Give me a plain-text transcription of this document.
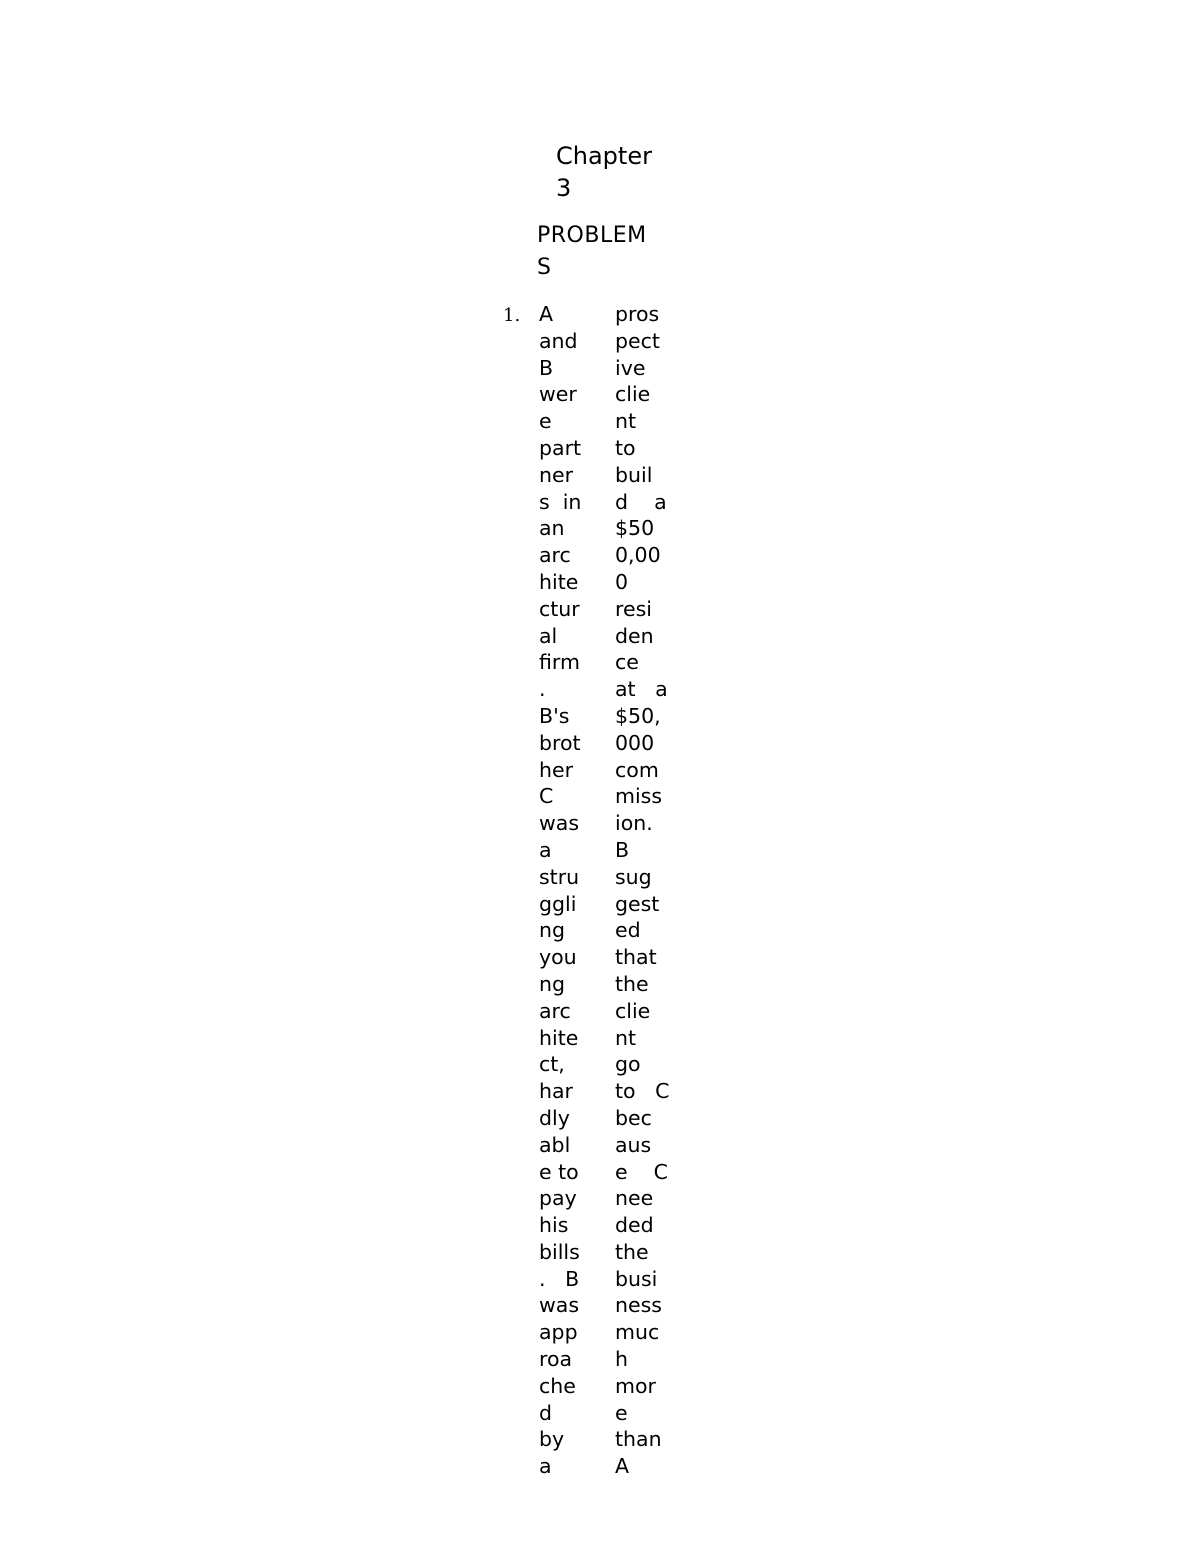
Chapter
3
PROBLEM
S
1. A
and
B
wer
e
part
ner
s  in
an
arc
hite
ctur
al
firm
.
B's
brot
her
C
was
a
stru
ggli
ng
you
ng
arc
hite
ct,
har
dly
abl
e to
pay
his
bills
.   B
was
app
roa
che
d
by
a
pros
pect
ive
clie
nt
to
buil
d    a
$50
0,00
0
resi
den
ce
at   a
$50,
000
com
miss
ion.
B
sug
gest
ed
that
the
clie
nt
go
to   C
bec
aus
e    C
nee
ded
the
busi
ness
muc
h
mor
e
than
A
